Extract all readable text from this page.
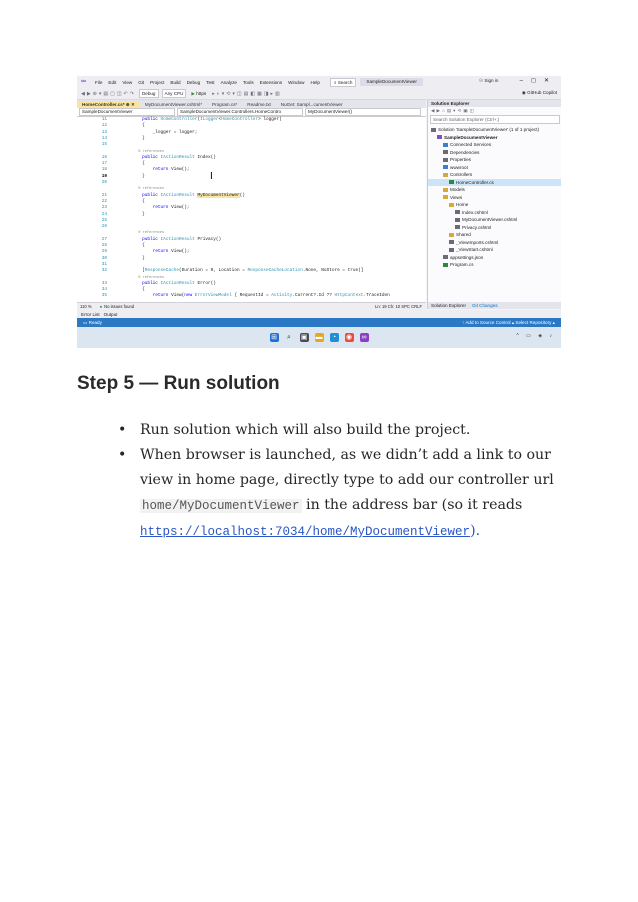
∞	File Edit View Git Project Build Debug Test Analyze Tools Extensions Window Help	⌕ Search	SampleDocumentViewer	⚇ Sign in	–◻✕
◀▶⊕▾▤▢◫↶↷	Debug	Any CPU	▶ https	▸◐▾⟲▾◫▤◧▦◨▸▥	◉ GitHub Copilot
HomeController.cs* ⊕ ✕	MyDocumentViewer.cshtml*	Program.cs*	Readme.txt	NuGet: Sampl...cumentViewer
SampleDocumentViewer	SampleDocumentViewer.Controllers.HomeContro	MyDocumentViewer()
11	public HomeController(ILogger<HomeController> logger)
12	{
13	_logger = logger;
14	}
15
0 references
16	public IActionResult Index()
17	{
18	return View();
19	}
20
0 references
21	public IActionResult MyDocumentViewer()
22	{
23	return View();
24	}
25
26
0 references
27	public IActionResult Privacy()
28	{
29	return View();
30	}
31
32	[ResponseCache(Duration = 0, Location = ResponseCacheLocation.None, NoStore = true)]
0 references
33	public IActionResult Error()
34	{
35	return View(new ErrorViewModel { RequestId = Activity.Current?.Id ?? HttpContext.TraceIden
I
110 % ● No issues found	Ln: 19 Ch: 10 SPC CRLF
Solution Explorer
◀▶⌂▤▾⟲▣◫
Search Solution Explorer (Ctrl+;)
Solution 'SampleDocumentViewer' (1 of 1 project)
SampleDocumentViewer
Connected Services
Dependencies
Properties
wwwroot
Controllers
HomeController.cs
Models
Views
Home
Index.cshtml
MyDocumentViewer.cshtml
Privacy.cshtml
Shared
_ViewImports.cshtml
_ViewStart.cshtml
appsettings.json
Program.cs
Solution Explorer	Git Changes
Error List Output
▭ Ready	↑ Add to Source Control ▴ Select Repository ▴
⊞	⌕	▣ ▬	◔	◉ ∞	^ ▭ ◈ ♪
Step 5 — Run solution
• Run solution which will also build the project.
• When browser is launched, as we didn’t add a link to our view in home page, directly type to add our controller url home/MyDocumentViewer in the address bar (so it reads https://localhost:7034/home/MyDocumentViewer).
